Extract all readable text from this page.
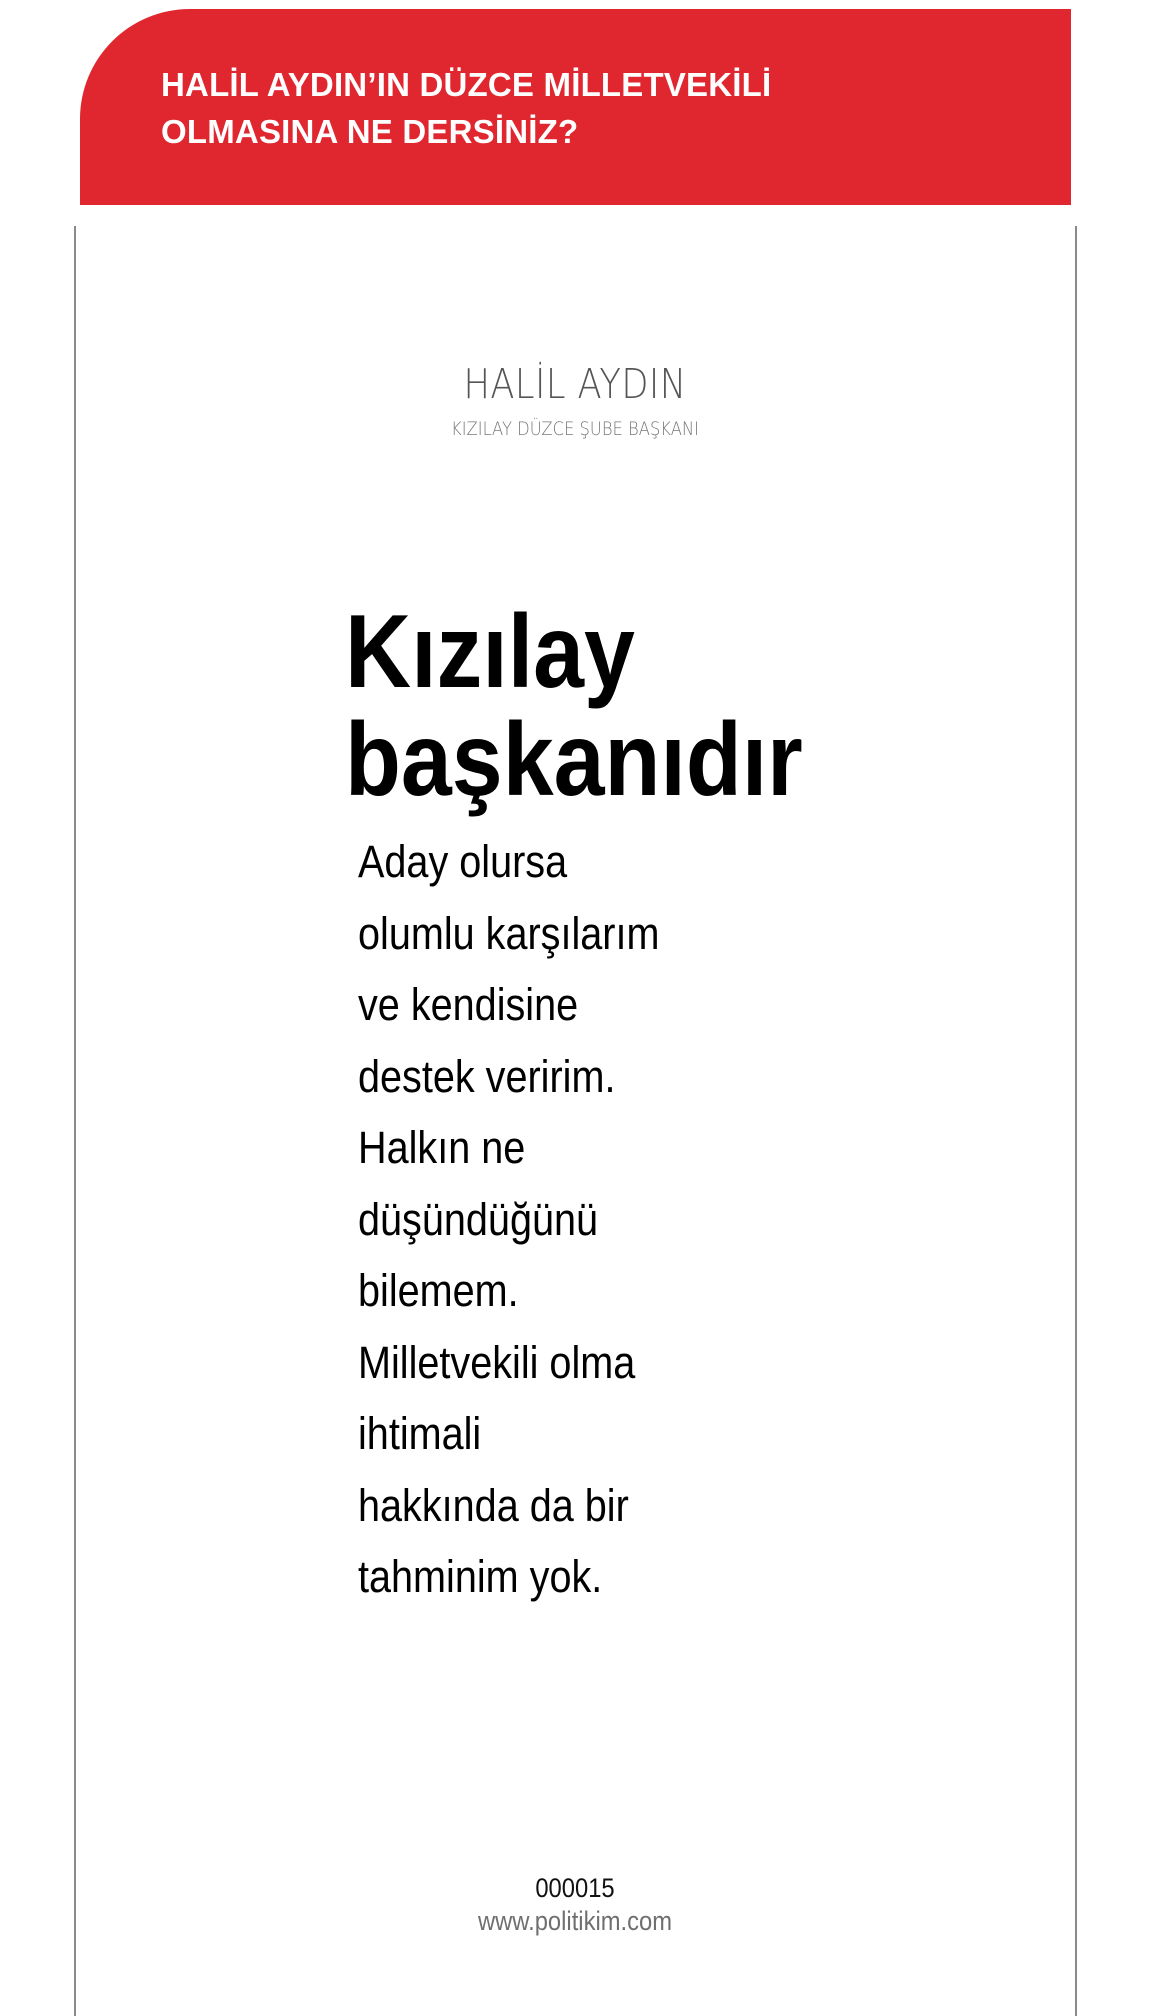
HALİL AYDIN’IN DÜZCE MİLLETVEKİLİ
OLMASINA NE DERSİNİZ?
HALİL AYDIN
KIZILAY DÜZCE ŞUBE BAŞKANI
Kızılay
başkanıdır

Aday olursa
olumlu karşılarım
ve kendisine
destek veririm.
Halkın ne
düşündüğünü
bilemem.
Milletvekili olma
ihtimali
hakkında da bir
tahminim yok.

000015
www.politikim.com
